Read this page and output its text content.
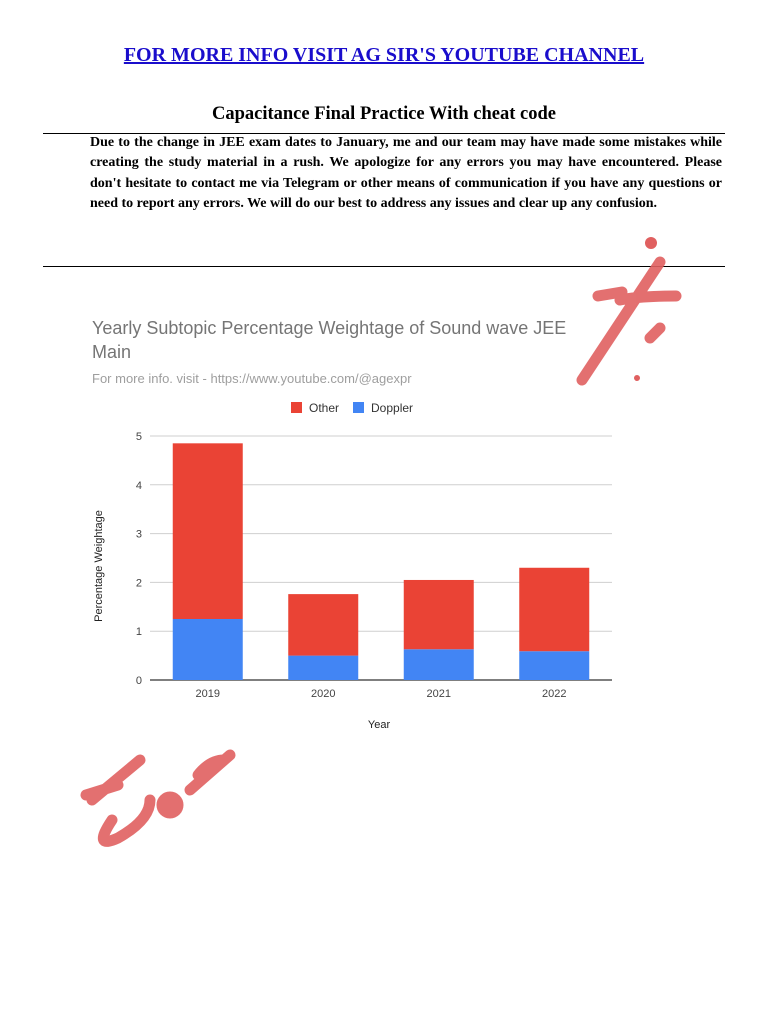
FOR MORE INFO VISIT AG SIR'S YOUTUBE CHANNEL
Capacitance Final Practice With cheat code
Due to the change in JEE exam dates to January, me and our team may have made some mistakes while creating the study material in a rush. We apologize for any errors you may have encountered. Please don't hesitate to contact me via Telegram or other means of communication if you have any questions or need to report any errors. We will do our best to address any issues and clear up any confusion.
Yearly Subtopic Percentage Weightage of Sound wave JEE
Main
For more info. visit - https://www.youtube.com/@agexpr
Other	Doppler
0
1
2
3
4
5
2019	2020	2021	2022
Percentage Weightage
Year
